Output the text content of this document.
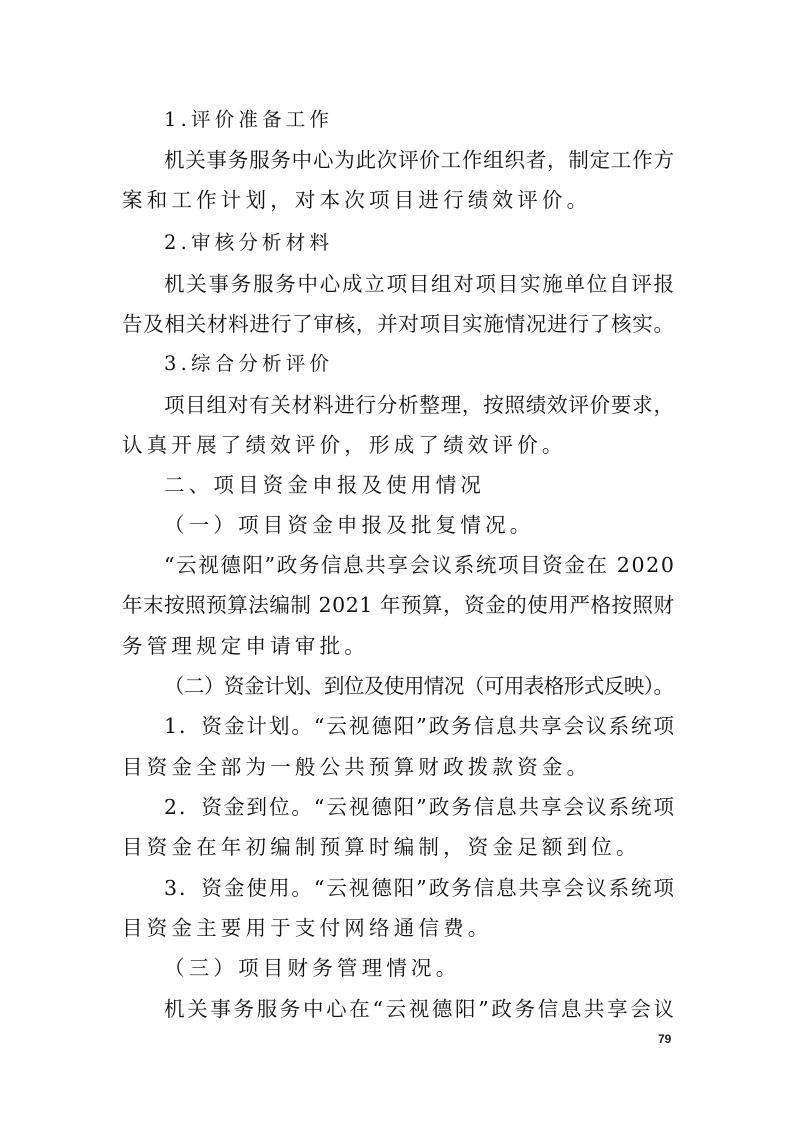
1.评价准备工作
机关事务服务中心为此次评价工作组织者，制定工作方
案和工作计划，对本次项目进行绩效评价。
2.审核分析材料
机关事务服务中心成立项目组对项目实施单位自评报
告及相关材料进行了审核，并对项目实施情况进行了核实。
3.综合分析评价
项目组对有关材料进行分析整理，按照绩效评价要求，
认真开展了绩效评价，形成了绩效评价。
二、项目资金申报及使用情况
（一）项目资金申报及批复情况。
“云视德阳”政务信息共享会议系统项目资金在 2020
年末按照预算法编制 2021 年预算，资金的使用严格按照财
务管理规定申请审批。
（二）资金计划、到位及使用情况（可用表格形式反映）。
1．资金计划。“云视德阳”政务信息共享会议系统项
目资金全部为一般公共预算财政拨款资金。
2．资金到位。“云视德阳”政务信息共享会议系统项
目资金在年初编制预算时编制，资金足额到位。
3．资金使用。“云视德阳”政务信息共享会议系统项
目资金主要用于支付网络通信费。
（三）项目财务管理情况。
机关事务服务中心在“云视德阳”政务信息共享会议
79
